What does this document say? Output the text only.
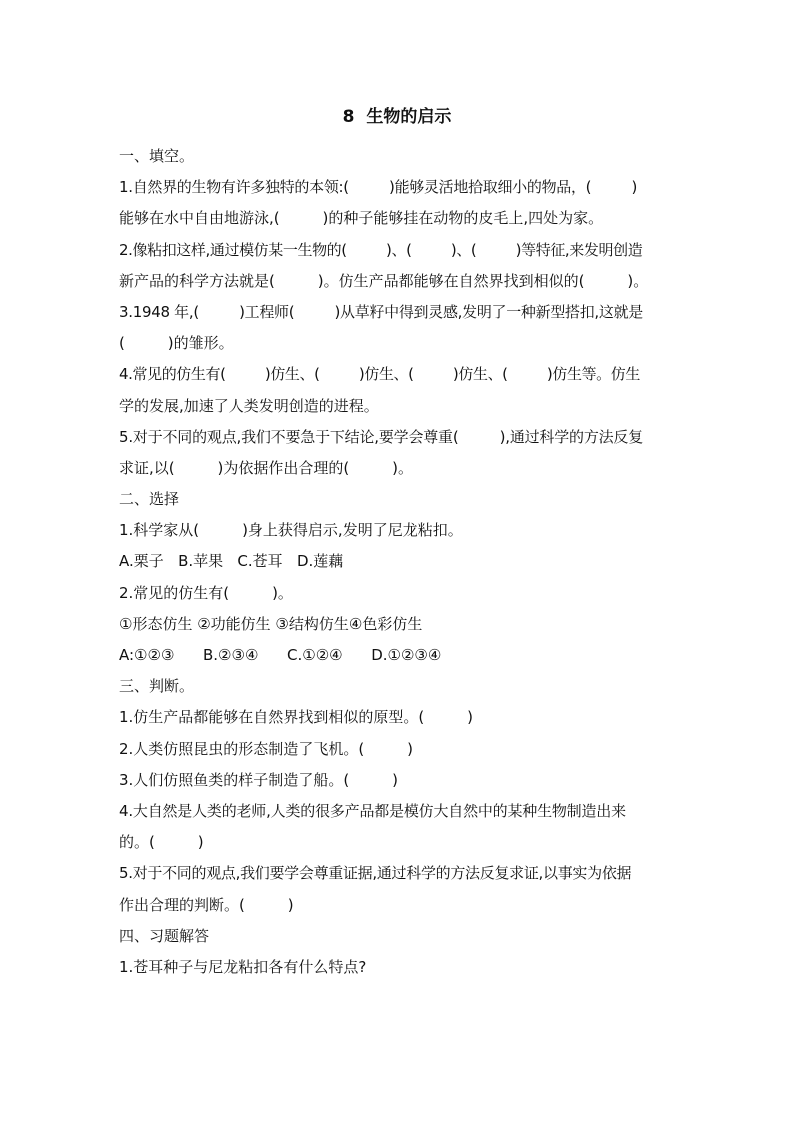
8  生物的启示
一、填空。
1.自然界的生物有许多独特的本领:(         )能够灵活地拾取细小的物品，(         )
能够在水中自由地游泳,(         )的种子能够挂在动物的皮毛上,四处为家。
2.像粘扣这样,通过模仿某一生物的(         )、(         )、(         )等特征,来发明创造
新产品的科学方法就是(         )。仿生产品都能够在自然界找到相似的(         )。
3.1948 年,(         )工程师(         )从草籽中得到灵感,发明了一种新型搭扣,这就是
(         )的雏形。
4.常见的仿生有(         )仿生、(         )仿生、(         )仿生、(         )仿生等。仿生
学的发展,加速了人类发明创造的进程。
5.对于不同的观点,我们不要急于下结论,要学会尊重(         ),通过科学的方法反复
求证,以(         )为依据作出合理的(         )。
二、选择
1.科学家从(         )身上获得启示,发明了尼龙粘扣。
A.栗子   B.苹果   C.苍耳   D.莲藕
2.常见的仿生有(         )。
①形态仿生 ②功能仿生 ③结构仿生④色彩仿生
A:①②③      B.②③④      C.①②④      D.①②③④
三、判断。
1.仿生产品都能够在自然界找到相似的原型。(         )
2.人类仿照昆虫的形态制造了飞机。(         )
3.人们仿照鱼类的样子制造了船。(         )
4.大自然是人类的老师,人类的很多产品都是模仿大自然中的某种生物制造出来
的。(         )
5.对于不同的观点,我们要学会尊重证据,通过科学的方法反复求证,以事实为依据
作出合理的判断。(         )
四、习题解答
1.苍耳种子与尼龙粘扣各有什么特点?
